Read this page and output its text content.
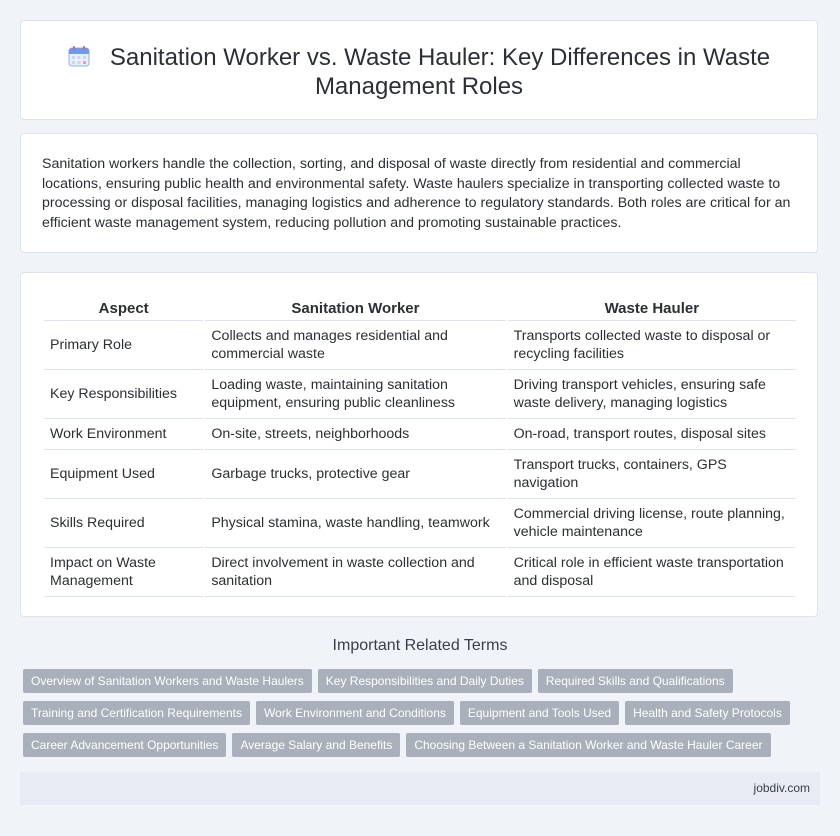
Sanitation Worker vs. Waste Hauler: Key Differences in Waste Management Roles

Sanitation workers handle the collection, sorting, and disposal of waste directly from residential and commercial locations, ensuring public health and environmental safety. Waste haulers specialize in transporting collected waste to processing or disposal facilities, managing logistics and adherence to regulatory standards. Both roles are critical for an efficient waste management system, reducing pollution and promoting sustainable practices.

Aspect	Sanitation Worker	Waste Hauler
Primary Role	Collects and manages residential and commercial waste	Transports collected waste to disposal or recycling facilities
Key Responsibilities	Loading waste, maintaining sanitation equipment, ensuring public cleanliness	Driving transport vehicles, ensuring safe waste delivery, managing logistics
Work Environment	On-site, streets, neighborhoods	On-road, transport routes, disposal sites
Equipment Used	Garbage trucks, protective gear	Transport trucks, containers, GPS navigation
Skills Required	Physical stamina, waste handling, teamwork	Commercial driving license, route planning, vehicle maintenance
Impact on Waste Management	Direct involvement in waste collection and sanitation	Critical role in efficient waste transportation and disposal
Important Related Terms
Overview of Sanitation Workers and Waste Haulers Key Responsibilities and Daily Duties Required Skills and Qualifications
Training and Certification Requirements Work Environment and Conditions Equipment and Tools Used Health and Safety Protocols
Career Advancement Opportunities Average Salary and Benefits Choosing Between a Sanitation Worker and Waste Hauler Career
jobdiv.com
